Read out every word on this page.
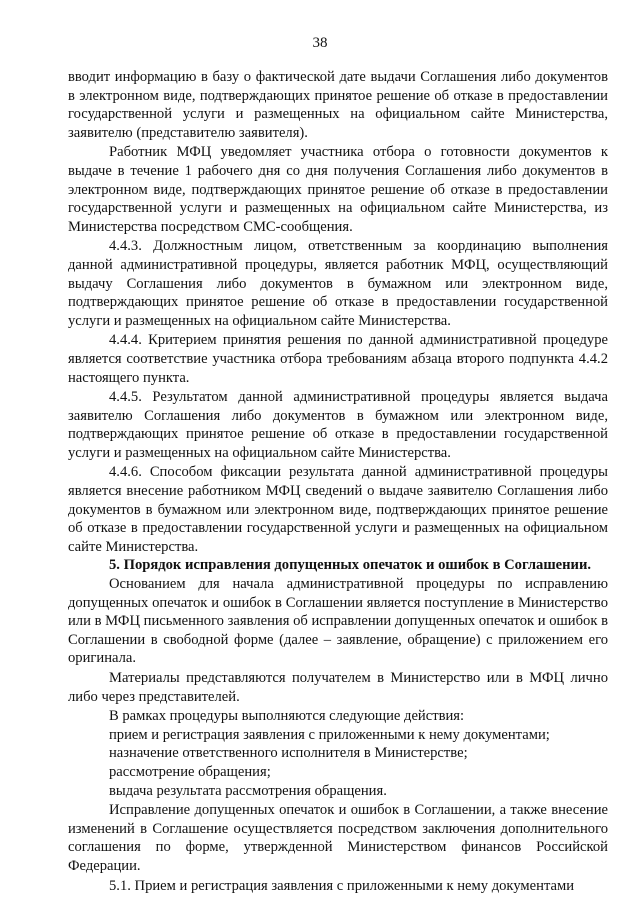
38

вводит информацию в базу о фактической дате выдачи Соглашения либо документов в электронном виде, подтверждающих принятое решение об отказе в предоставлении государственной услуги и размещенных на официальном сайте Министерства, заявителю (представителю заявителя).

Работник МФЦ уведомляет участника отбора о готовности документов к выдаче в течение 1 рабочего дня со дня получения Соглашения либо документов в электронном виде, подтверждающих принятое решение об отказе в предоставлении государственной услуги и размещенных на официальном сайте Министерства, из Министерства посредством СМС-сообщения.

4.4.3. Должностным лицом, ответственным за координацию выполнения данной административной процедуры, является работник МФЦ, осуществляющий выдачу Соглашения либо документов в бумажном или электронном виде, подтверждающих принятое решение об отказе в предоставлении государственной услуги и размещенных на официальном сайте Министерства.

4.4.4. Критерием принятия решения по данной административной процедуре является соответствие участника отбора требованиям абзаца второго подпункта 4.4.2 настоящего пункта.

4.4.5. Результатом данной административной процедуры является выдача заявителю Соглашения либо документов в бумажном или электронном виде, подтверждающих принятое решение об отказе в предоставлении государственной услуги и размещенных на официальном сайте Министерства.

4.4.6. Способом фиксации результата данной административной процедуры является внесение работником МФЦ сведений о выдаче заявителю Соглашения либо документов в бумажном или электронном виде, подтверждающих принятое решение об отказе в предоставлении государственной услуги и размещенных на официальном сайте Министерства.

5. Порядок исправления допущенных опечаток и ошибок в Соглашении.

Основанием для начала административной процедуры по исправлению допущенных опечаток и ошибок в Соглашении является поступление в Министерство или в МФЦ письменного заявления об исправлении допущенных опечаток и ошибок в Соглашении в свободной форме (далее – заявление, обращение) с приложением его оригинала.

Материалы представляются получателем в Министерство или в МФЦ лично либо через представителей.

В рамках процедуры выполняются следующие действия:

прием и регистрация заявления с приложенными к нему документами;

назначение ответственного исполнителя в Министерстве;

рассмотрение обращения;

выдача результата рассмотрения обращения.

Исправление допущенных опечаток и ошибок в Соглашении, а также внесение изменений в Соглашение осуществляется посредством заключения дополнительного соглашения по форме, утвержденной Министерством финансов Российской Федерации.

5.1. Прием и регистрация заявления с приложенными к нему документами
